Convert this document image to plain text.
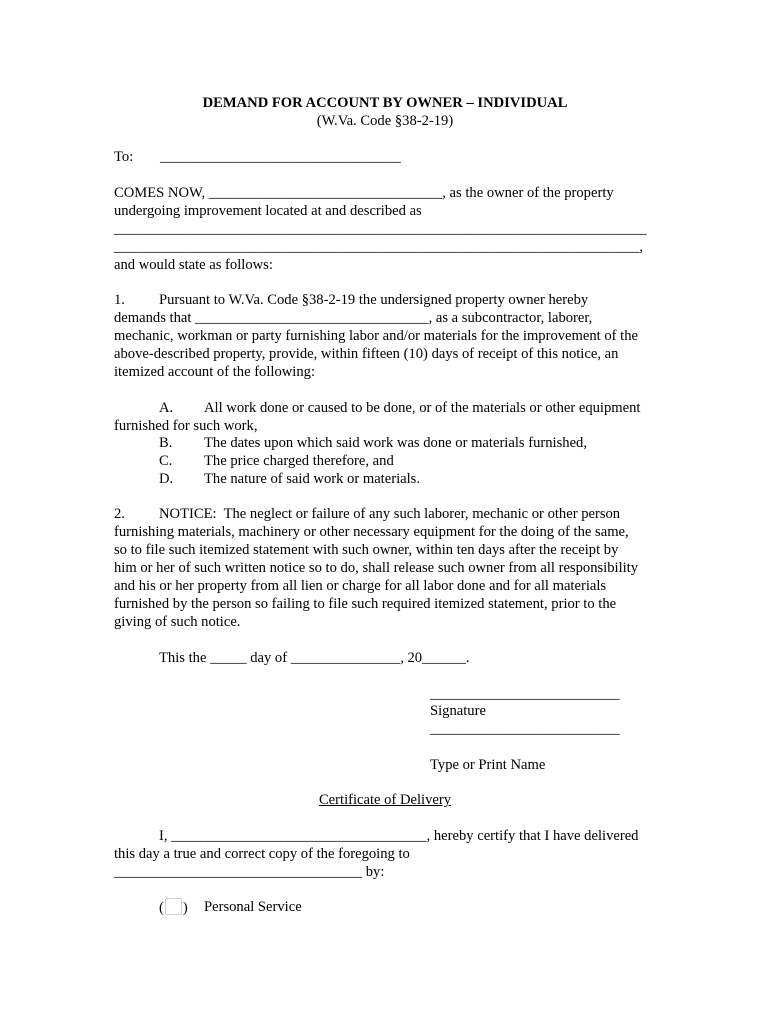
DEMAND FOR ACCOUNT BY OWNER – INDIVIDUAL
(W.Va. Code §38-2-19)
To: _________________________________
COMES NOW, ________________________________, as the owner of the property
undergoing improvement located at and described as
_________________________________________________________________________
________________________________________________________________________,
and would state as follows:
1. Pursuant to W.Va. Code §38-2-19 the undersigned property owner hereby
demands that ________________________________, as a subcontractor, laborer,
mechanic, workman or party furnishing labor and/or materials for the improvement of the
above-described property, provide, within fifteen (10) days of receipt of this notice, an
itemized account of the following:
A. All work done or caused to be done, or of the materials or other equipment
furnished for such work,
B. The dates upon which said work was done or materials furnished,
C. The price charged therefore, and
D. The nature of said work or materials.
2. NOTICE:  The neglect or failure of any such laborer, mechanic or other person
furnishing materials, machinery or other necessary equipment for the doing of the same,
so to file such itemized statement with such owner, within ten days after the receipt by
him or her of such written notice so to do, shall release such owner from all responsibility
and his or her property from all lien or charge for all labor done and for all materials
furnished by the person so failing to file such required itemized statement, prior to the
giving of such notice.
This the _____ day of _______________, 20______.
__________________________
Signature
__________________________
Type or Print Name
Certificate of Delivery
I, ___________________________________, hereby certify that I have delivered
this day a true and correct copy of the foregoing to
__________________________________ by:
( ) Personal Service
